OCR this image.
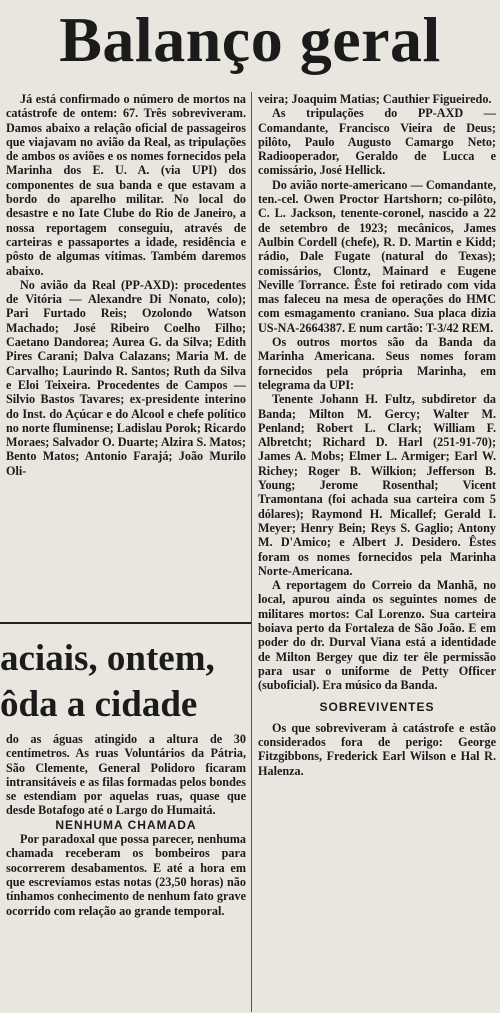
Balanço geral

Já está confirmado o número de mortos na catástrofe de ontem: 67. Três sobreviveram. Damos abaixo a relação oficial de passageiros que viajavam no avião da Real, as tripulações de ambos os aviões e os nomes fornecidos pela Marinha dos E. U. A. (via UPI) dos componentes de sua banda e que estavam a bordo do aparelho militar. No local do desastre e no Iate Clube do Rio de Janeiro, a nossa reportagem conseguiu, através de carteiras e passaportes a idade, residência e pôsto de algumas vitimas. Também daremos abaixo.

No avião da Real (PP-AXD): procedentes de Vitória — Alexandre Di Nonato, colo); Pari Furtado Reis; Ozolondo Watson Machado; José Ribeiro Coelho Filho; Caetano Dandorea; Aurea G. da Silva; Edith Pires Carani; Dalva Calazans; Maria M. de Carvalho; Laurindo R. Santos; Ruth da Silva e Eloi Teixeira. Procedentes de Campos — Silvio Bastos Tavares; ex-presidente interino do Inst. do Açúcar e do Alcool e chefe político no norte fluminense; Ladislau Porok; Ricardo Moraes; Salvador O. Duarte; Alzira S. Matos; Bento Matos; Antonio Farajá; João Murilo Oli-

aciais, ontem,
ôda a cidade

do as águas atingido a altura de 30 centímetros. As ruas Voluntários da Pátria, São Clemente, General Polidoro ficaram intransitáveis e as filas formadas pelos bondes se estendiam por aquelas ruas, quase que desde Botafogo até o Largo do Humaitá.

NENHUMA CHAMADA

Por paradoxal que possa parecer, nenhuma chamada receberam os bombeiros para socorrerem desabamentos. E até a hora em que escrevíamos estas notas (23,50 horas) não tínhamos conhecimento de nenhum fato grave ocorrido com relação ao grande temporal.

veira; Joaquim Matias; Cauthier Figueiredo.

As tripulações do PP-AXD — Comandante, Francisco Vieira de Deus; pilôto, Paulo Augusto Camargo Neto; Radiooperador, Geraldo de Lucca e comissário, José Hellick.

Do avião norte-americano — Comandante, ten.-cel. Owen Proctor Hartshorn; co-pilôto, C. L. Jackson, tenente-coronel, nascido a 22 de setembro de 1923; mecânicos, James Aulbin Cordell (chefe), R. D. Martin e Kidd; rádio, Dale Fugate (natural do Texas); comissários, Clontz, Mainard e Eugene Neville Torrance. Êste foi retirado com vida mas faleceu na mesa de operações do HMC com esmagamento craniano. Sua placa dizia US-NA-2664387. E num cartão: T-3/42 REM.

Os outros mortos são da Banda da Marinha Americana. Seus nomes foram fornecidos pela própria Marinha, em telegrama da UPI:

Tenente Johann H. Fultz, subdiretor da Banda; Milton M. Gercy; Walter M. Penland; Robert L. Clark; William F. Albretcht; Richard D. Harl (251-91-70); James A. Mobs; Elmer L. Armiger; Earl W. Richey; Roger B. Wilkion; Jefferson B. Young; Jerome Rosenthal; Vicent Tramontana (foi achada sua carteira com 5 dólares); Raymond H. Micallef; Gerald I. Meyer; Henry Bein; Reys S. Gaglio; Antony M. D'Amico; e Albert J. Desidero. Êstes foram os nomes fornecidos pela Marinha Norte-Americana.

A reportagem do Correio da Manhã, no local, apurou ainda os seguintes nomes de militares mortos: Cal Lorenzo. Sua carteira boiava perto da Fortaleza de São João. E em poder do dr. Durval Viana está a identidade de Milton Bergey que diz ter êle permissão para usar o uniforme de Petty Officer (suboficial). Era músico da Banda.

SOBREVIVENTES

Os que sobreviveram à catástrofe e estão considerados fora de perigo: George Fitzgibbons, Frederick Earl Wilson e Hal R. Halenza.
